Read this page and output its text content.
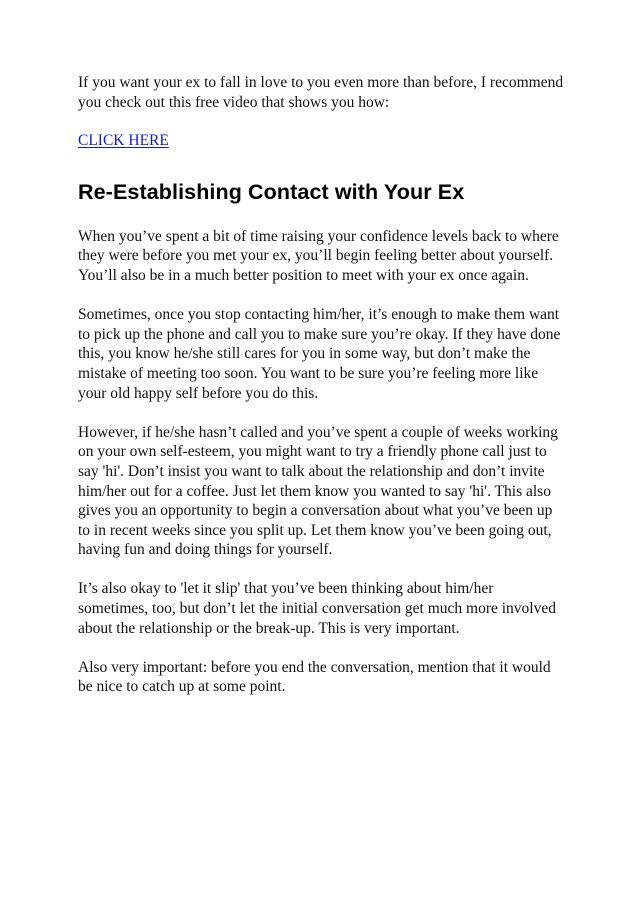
If you want your ex to fall in love to you even more than before, I recommend you check out this free video that shows you how:

CLICK HERE
Re-Establishing Contact with Your Ex

When you’ve spent a bit of time raising your confidence levels back to where they were before you met your ex, you’ll begin feeling better about yourself. You’ll also be in a much better position to meet with your ex once again.

Sometimes, once you stop contacting him/her, it’s enough to make them want to pick up the phone and call you to make sure you’re okay. If they have done this, you know he/she still cares for you in some way, but don’t make the mistake of meeting too soon. You want to be sure you’re feeling more like your old happy self before you do this.

However, if he/she hasn’t called and you’ve spent a couple of weeks working on your own self-esteem, you might want to try a friendly phone call just to say 'hi'. Don’t insist you want to talk about the relationship and don’t invite him/her out for a coffee. Just let them know you wanted to say 'hi'. This also gives you an opportunity to begin a conversation about what you’ve been up to in recent weeks since you split up. Let them know you’ve been going out, having fun and doing things for yourself.

It’s also okay to 'let it slip' that you’ve been thinking about him/her sometimes, too, but don’t let the initial conversation get much more involved about the relationship or the break-up. This is very important.

Also very important: before you end the conversation, mention that it would be nice to catch up at some point.
